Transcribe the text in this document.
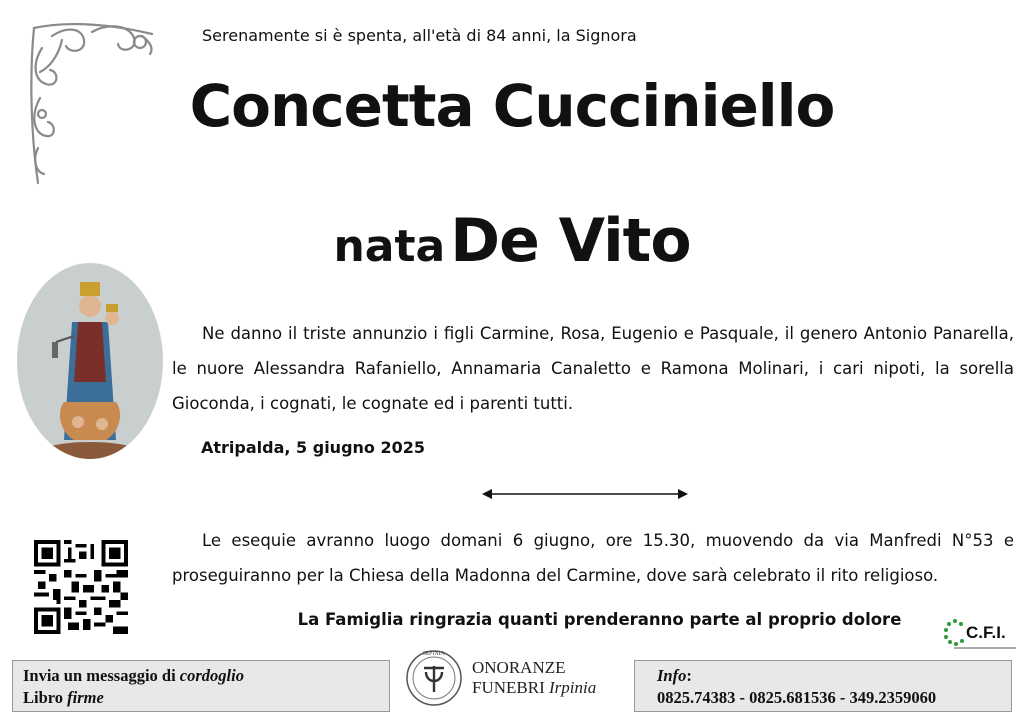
Serenamente si è spenta, all'età di 84 anni, la Signora
Concetta Cucciniello
nata De Vito
Ne danno il triste annunzio i figli Carmine, Rosa, Eugenio e Pasquale, il genero Antonio Panarella, le nuore Alessandra Rafaniello, Annamaria Canaletto e Ramona Molinari, i cari nipoti, la sorella Gioconda, i cognati, le cognate ed i parenti tutti.
Atripalda, 5 giugno 2025
Le esequie avranno luogo domani 6 giugno, ore 15.30, muovendo da via Manfredi N°53 e proseguiranno per la Chiesa della Madonna del Carmine, dove sarà celebrato il rito religioso.
La Famiglia ringrazia quanti prenderanno parte al proprio dolore
C.F.I.
Invia un messaggio di cordoglio
Libro firme
IRPINIA
ONORANZE
FUNEBRI Irpinia
Info:
0825.74383 - 0825.681536 - 349.2359060
